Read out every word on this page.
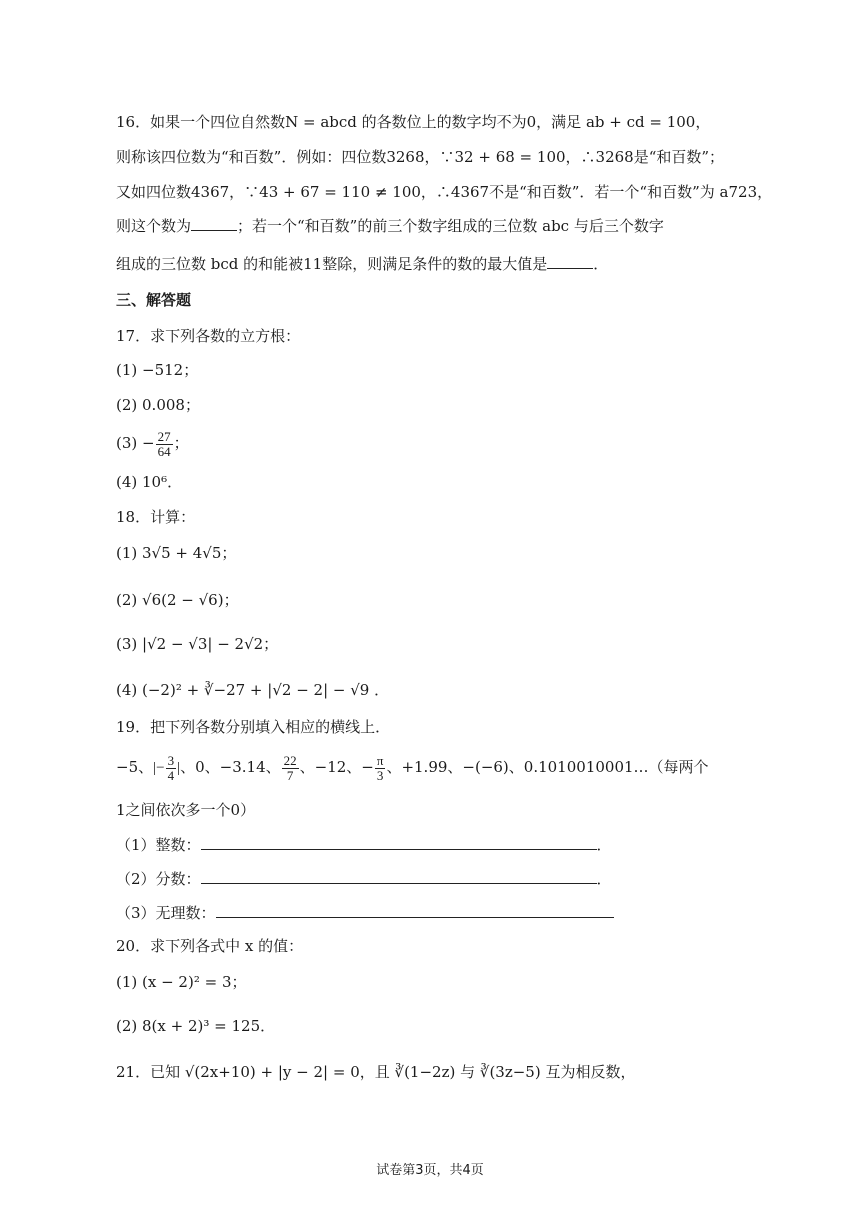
16．如果一个四位自然数N = abcd 的各数位上的数字均不为0，满足 ab + cd = 100，
则称该四位数为“和百数”．例如：四位数3268，∵32 + 68 = 100，∴3268是“和百数”；
又如四位数4367，∵43 + 67 = 110 ≠ 100，∴4367不是“和百数”．若一个“和百数”为 a723，
则这个数为	；若一个“和百数”的前三个数字组成的三位数 abc 与后三个数字
组成的三位数 bcd 的和能被11整除，则满足条件的数的最大值是	．
三、解答题
17．求下列各数的立方根：
(1) −512；
(2) 0.008；
$(3) - \frac{27}{64}$ ；
(4) 10⁶．
18．计算：
(1) 3√5 + 4√5；
(2) √6(2 − √6)；
(3) |√2 − √3| − 2√2；
(4) (−2)² + ∛−27 + |√2 − 2| − √9 ．
19．把下列各数分别填入相应的横线上．
−5、|− $\frac{3}{4}$ |、0、−3.14、 $\frac{22}{7}$ 、−12、− $\frac{\pi}{3}$ 、+1.99、−(−6)、0.1010010001…（每两个
1之间依次多一个0）
（1）整数：	．
（2）分数：	．
（3）无理数：
20．求下列各式中 x 的值：
(1) (x − 2)² = 3；
(2) 8(x + 2)³ = 125．
21．已知 √(2x+10) + |y − 2| = 0，且 ∛(1−2z) 与 ∛(3z−5) 互为相反数，
试卷第3页，共4页
